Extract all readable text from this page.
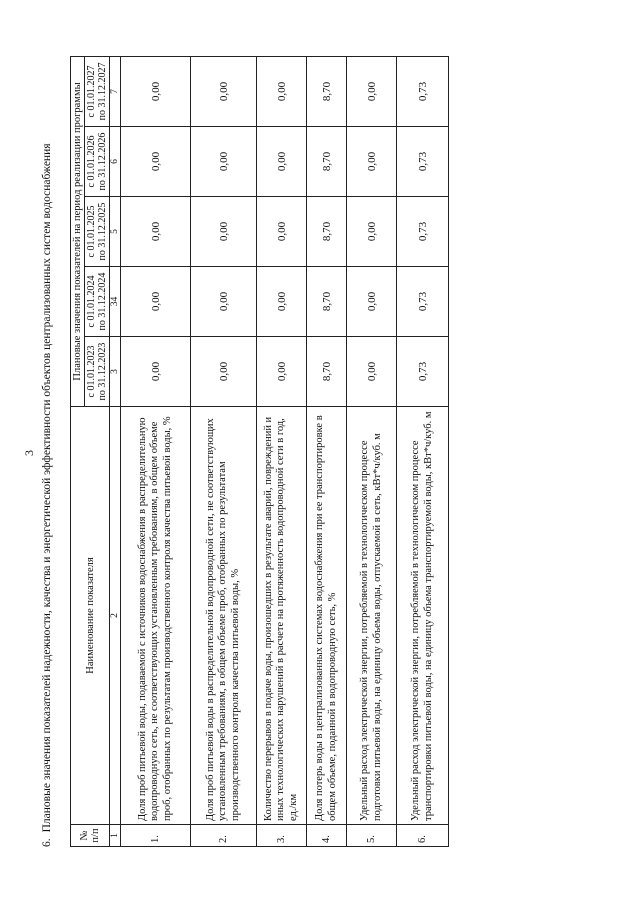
3
6.Плановые значения показателей надежности, качества и энергетической эффективности объектов централизованных систем водоснабжения
№ п/п	Наименование показателя	Плановые значения показателей на период реализации программы				
		с 01.01.2023 по 31.12.2023	с 01.01.2024 по 31.12.2024	с 01.01.2025 по 31.12.2025	с 01.01.2026 по 31.12.2026	с 01.01.2027 по 31.12.2027
1	2	3	34	5	6	7
1.	Доля проб питьевой воды, подаваемой с источников водоснабжения в распределительную водопроводную сеть, не соответствующих установленным требованиям, в общем объеме проб, отобранных по результатам производственного контроля качества питьевой воды, %	0,00	0,00	0,00	0,00	0,00
2.	Доля проб питьевой воды в распределительной водопроводной сети, не соответствующих установленным требованиям, в общем объеме проб, отобранных по результатам производственного контроля качества питьевой воды, %	0,00	0,00	0,00	0,00	0,00
3.	Количество перерывов в подаче воды, произошедших в результате аварий, повреждений и иных технологических нарушений в расчете на протяженность водопроводной сети в год, ед./км	0,00	0,00	0,00	0,00	0,00
4.	Доля потерь воды в централизованных системах водоснабжения при ее транспортировке в общем объеме, поданной в водопроводную сеть, %	8,70	8,70	8,70	8,70	8,70
5.	Удельный расход электрической энергии, потребляемой в технологическом процессе подготовки питьевой воды, на единицу объема воды, отпускаемой в сеть, кВт*ч/куб. м	0,00	0,00	0,00	0,00	0,00
6.	Удельный расход электрической энергии, потребляемой в технологическом процессе транспортировки питьевой воды, на единицу объема транспортируемой воды, кВт*ч/куб. м	0,73	0,73	0,73	0,73	0,73
